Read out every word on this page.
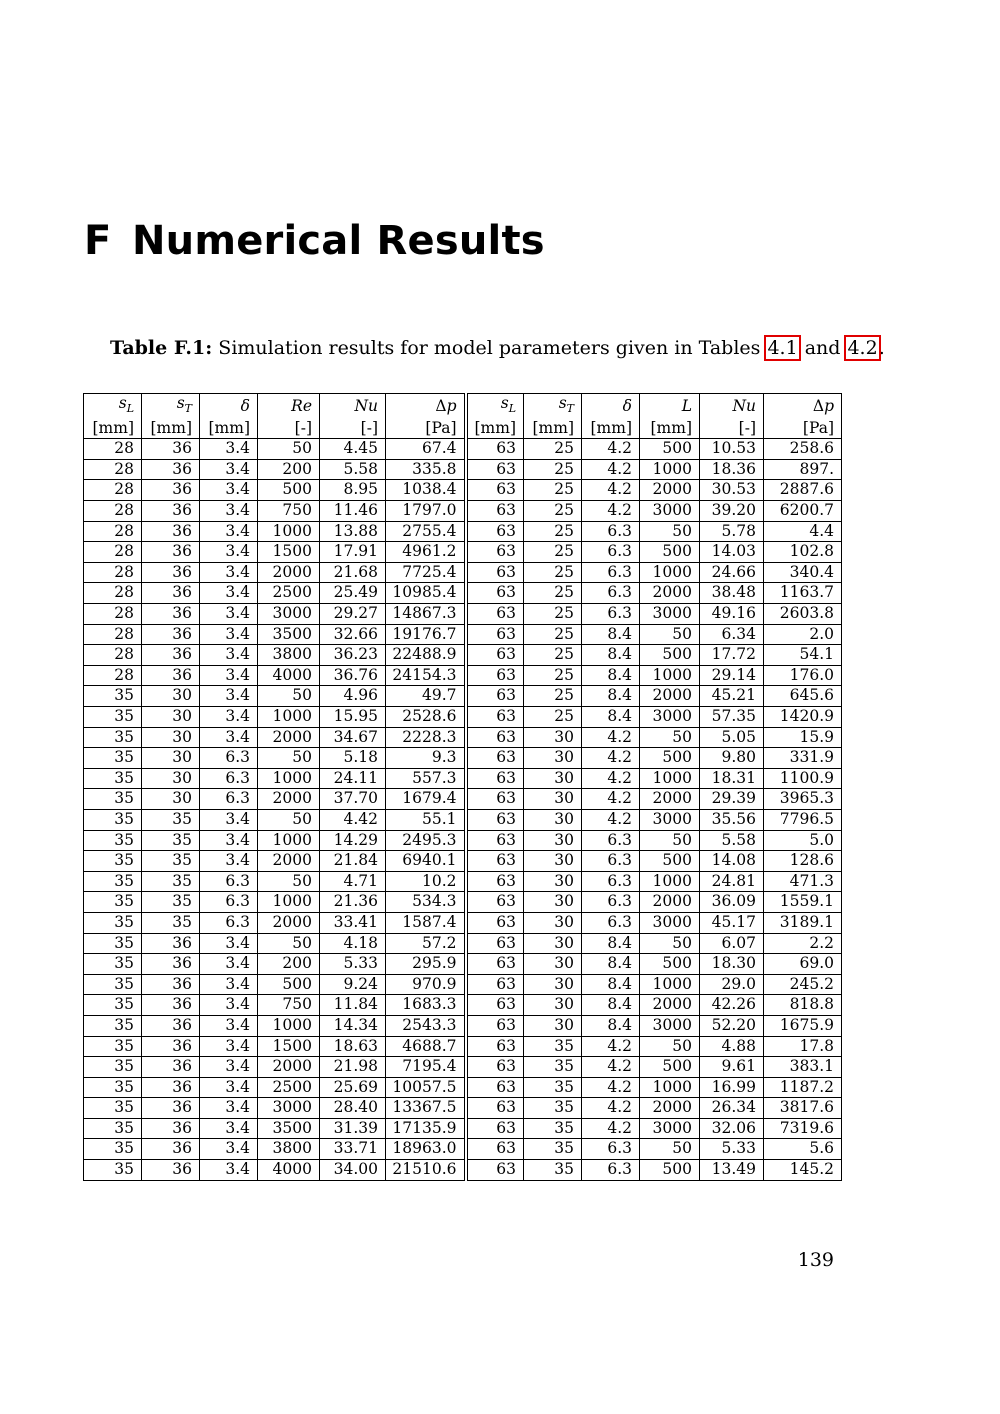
F Numerical Results
Table F.1: Simulation results for model parameters given in Tables 4.1 and 4.2.
$s_L$	$s_T$	δ	Re	Nu	Δp	$s_L$	$s_T$	δ	L	Nu	Δp
[mm]	[mm]	[mm]	[-]	[-]	[Pa]	[mm]	[mm]	[mm]	[mm]	[-]	[Pa]
28	36	3.4	50	4.45	67.4	63	25	4.2	500	10.53	258.6
28	36	3.4	200	5.58	335.8	63	25	4.2	1000	18.36	897.
28	36	3.4	500	8.95	1038.4	63	25	4.2	2000	30.53	2887.6
28	36	3.4	750	11.46	1797.0	63	25	4.2	3000	39.20	6200.7
28	36	3.4	1000	13.88	2755.4	63	25	6.3	50	5.78	4.4
28	36	3.4	1500	17.91	4961.2	63	25	6.3	500	14.03	102.8
28	36	3.4	2000	21.68	7725.4	63	25	6.3	1000	24.66	340.4
28	36	3.4	2500	25.49	10985.4	63	25	6.3	2000	38.48	1163.7
28	36	3.4	3000	29.27	14867.3	63	25	6.3	3000	49.16	2603.8
28	36	3.4	3500	32.66	19176.7	63	25	8.4	50	6.34	2.0
28	36	3.4	3800	36.23	22488.9	63	25	8.4	500	17.72	54.1
28	36	3.4	4000	36.76	24154.3	63	25	8.4	1000	29.14	176.0
35	30	3.4	50	4.96	49.7	63	25	8.4	2000	45.21	645.6
35	30	3.4	1000	15.95	2528.6	63	25	8.4	3000	57.35	1420.9
35	30	3.4	2000	34.67	2228.3	63	30	4.2	50	5.05	15.9
35	30	6.3	50	5.18	9.3	63	30	4.2	500	9.80	331.9
35	30	6.3	1000	24.11	557.3	63	30	4.2	1000	18.31	1100.9
35	30	6.3	2000	37.70	1679.4	63	30	4.2	2000	29.39	3965.3
35	35	3.4	50	4.42	55.1	63	30	4.2	3000	35.56	7796.5
35	35	3.4	1000	14.29	2495.3	63	30	6.3	50	5.58	5.0
35	35	3.4	2000	21.84	6940.1	63	30	6.3	500	14.08	128.6
35	35	6.3	50	4.71	10.2	63	30	6.3	1000	24.81	471.3
35	35	6.3	1000	21.36	534.3	63	30	6.3	2000	36.09	1559.1
35	35	6.3	2000	33.41	1587.4	63	30	6.3	3000	45.17	3189.1
35	36	3.4	50	4.18	57.2	63	30	8.4	50	6.07	2.2
35	36	3.4	200	5.33	295.9	63	30	8.4	500	18.30	69.0
35	36	3.4	500	9.24	970.9	63	30	8.4	1000	29.0	245.2
35	36	3.4	750	11.84	1683.3	63	30	8.4	2000	42.26	818.8
35	36	3.4	1000	14.34	2543.3	63	30	8.4	3000	52.20	1675.9
35	36	3.4	1500	18.63	4688.7	63	35	4.2	50	4.88	17.8
35	36	3.4	2000	21.98	7195.4	63	35	4.2	500	9.61	383.1
35	36	3.4	2500	25.69	10057.5	63	35	4.2	1000	16.99	1187.2
35	36	3.4	3000	28.40	13367.5	63	35	4.2	2000	26.34	3817.6
35	36	3.4	3500	31.39	17135.9	63	35	4.2	3000	32.06	7319.6
35	36	3.4	3800	33.71	18963.0	63	35	6.3	50	5.33	5.6
35	36	3.4	4000	34.00	21510.6	63	35	6.3	500	13.49	145.2
139
